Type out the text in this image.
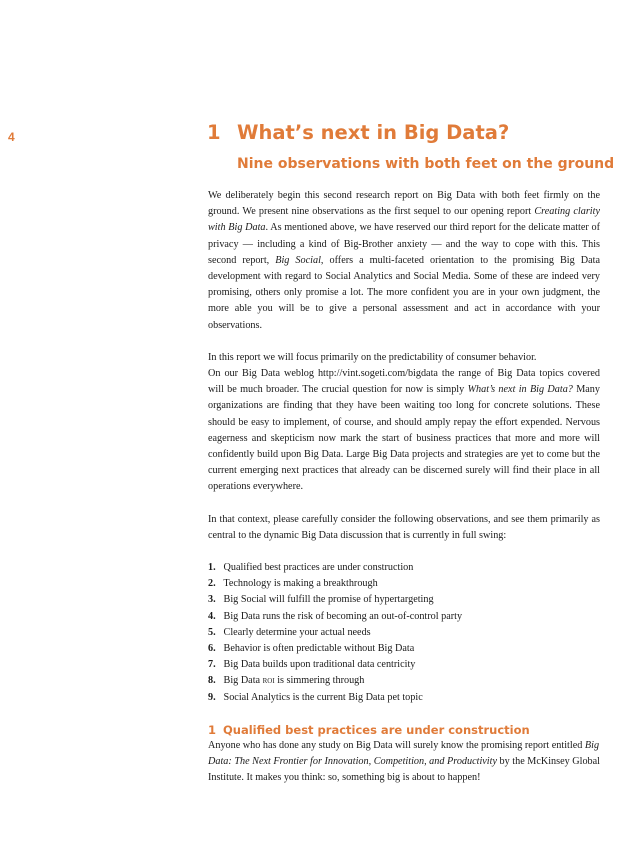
4	1 What’s next in Big Data?
Nine observations with both feet on the ground

We deliberately begin this second research report on Big Data with both feet firmly on the ground. We present nine observations as the first sequel to our opening report Creating clarity with Big Data. As mentioned above, we have reserved our third report for the delicate matter of privacy — including a kind of Big-Brother anxiety — and the way to cope with this. This second report, Big Social, offers a multi-faceted orientation to the promising Big Data development with regard to Social Analytics and Social Media. Some of these are indeed very promising, others only promise a lot. The more confident you are in your own judgment, the more able you will be to give a personal assessment and act in accordance with your observations.

In this report we will focus primarily on the predictability of consumer behavior.
On our Big Data weblog http://vint.sogeti.com/bigdata the range of Big Data topics covered will be much broader. The crucial question for now is simply What’s next in Big Data? Many organizations are finding that they have been waiting too long for concrete solutions. These should be easy to implement, of course, and should amply repay the effort expended. Nervous eagerness and skepticism now mark the start of business practices that more and more will confidently build upon Big Data. Large Big Data projects and strategies are yet to come but the current emerging next practices that already can be discerned surely will find their place in all operations everywhere.

In that context, please carefully consider the following observations, and see them primarily as central to the dynamic Big Data discussion that is currently in full swing:

1. Qualified best practices are under construction
2. Technology is making a breakthrough
3. Big Social will fulfill the promise of hypertargeting
4. Big Data runs the risk of becoming an out-of-control party
5. Clearly determine your actual needs
6. Behavior is often predictable without Big Data
7. Big Data builds upon traditional data centricity
8. Big Data roi is simmering through
9. Social Analytics is the current Big Data pet topic
1 Qualified best practices are under construction

Anyone who has done any study on Big Data will surely know the promising report entitled Big Data: The Next Frontier for Innovation, Competition, and Productivity by the McKinsey Global Institute. It makes you think: so, something big is about to happen!
